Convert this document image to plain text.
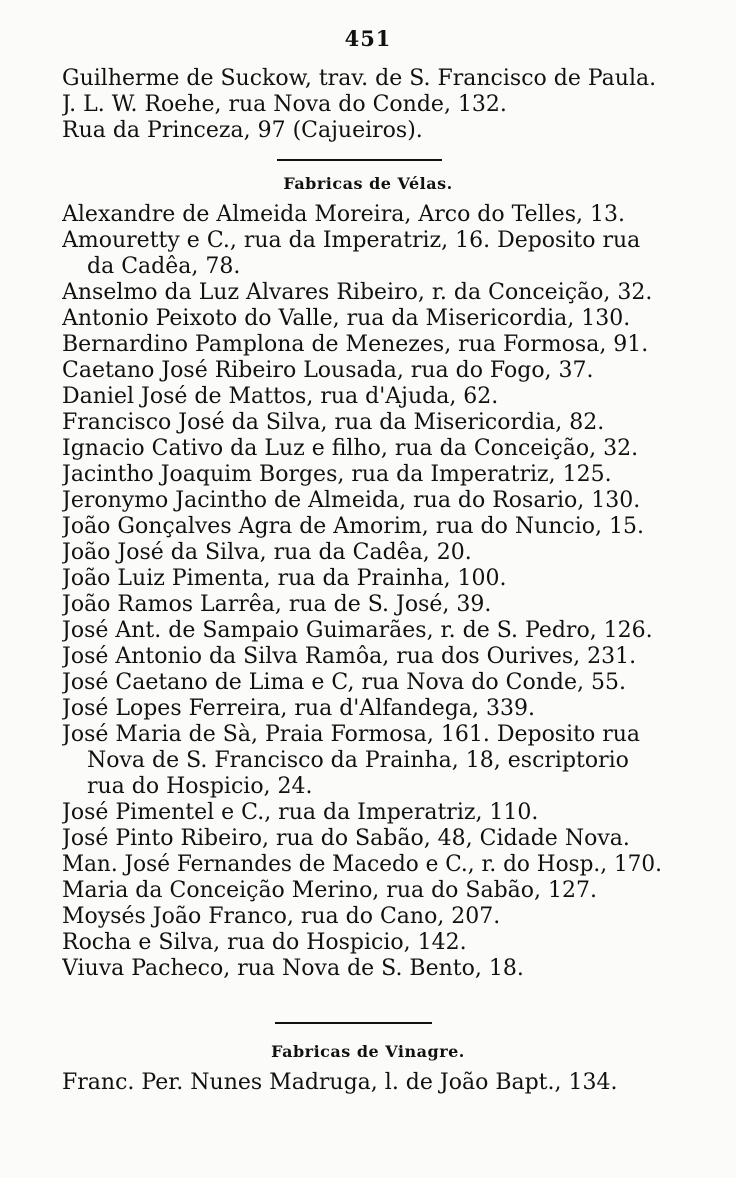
451
Guilherme de Suckow, trav. de S. Francisco de Paula.
J. L. W. Roehe, rua Nova do Conde, 132.
Rua da Princeza, 97 (Cajueiros).
Fabricas de Vélas.
Alexandre de Almeida Moreira, Arco do Telles, 13.
Amouretty e C., rua da Imperatriz, 16. Deposito rua da Cadêa, 78.
Anselmo da Luz Alvares Ribeiro, r. da Conceição, 32.
Antonio Peixoto do Valle, rua da Misericordia, 130.
Bernardino Pamplona de Menezes, rua Formosa, 91.
Caetano José Ribeiro Lousada, rua do Fogo, 37.
Daniel José de Mattos, rua d'Ajuda, 62.
Francisco José da Silva, rua da Misericordia, 82.
Ignacio Cativo da Luz e filho, rua da Conceição, 32.
Jacintho Joaquim Borges, rua da Imperatriz, 125.
Jeronymo Jacintho de Almeida, rua do Rosario, 130.
João Gonçalves Agra de Amorim, rua do Nuncio, 15.
João José da Silva, rua da Cadêa, 20.
João Luiz Pimenta, rua da Prainha, 100.
João Ramos Larrêa, rua de S. José, 39.
José Ant. de Sampaio Guimarães, r. de S. Pedro, 126.
José Antonio da Silva Ramôa, rua dos Ourives, 231.
José Caetano de Lima e C, rua Nova do Conde, 55.
José Lopes Ferreira, rua d'Alfandega, 339.
José Maria de Sà, Praia Formosa, 161. Deposito rua Nova de S. Francisco da Prainha, 18, escriptorio rua do Hospicio, 24.
José Pimentel e C., rua da Imperatriz, 110.
José Pinto Ribeiro, rua do Sabão, 48, Cidade Nova.
Man. José Fernandes de Macedo e C., r. do Hosp., 170.
Maria da Conceição Merino, rua do Sabão, 127.
Moysés João Franco, rua do Cano, 207.
Rocha e Silva, rua do Hospicio, 142.
Viuva Pacheco, rua Nova de S. Bento, 18.
Fabricas de Vinagre.
Franc. Per. Nunes Madruga, l. de João Bapt., 134.
